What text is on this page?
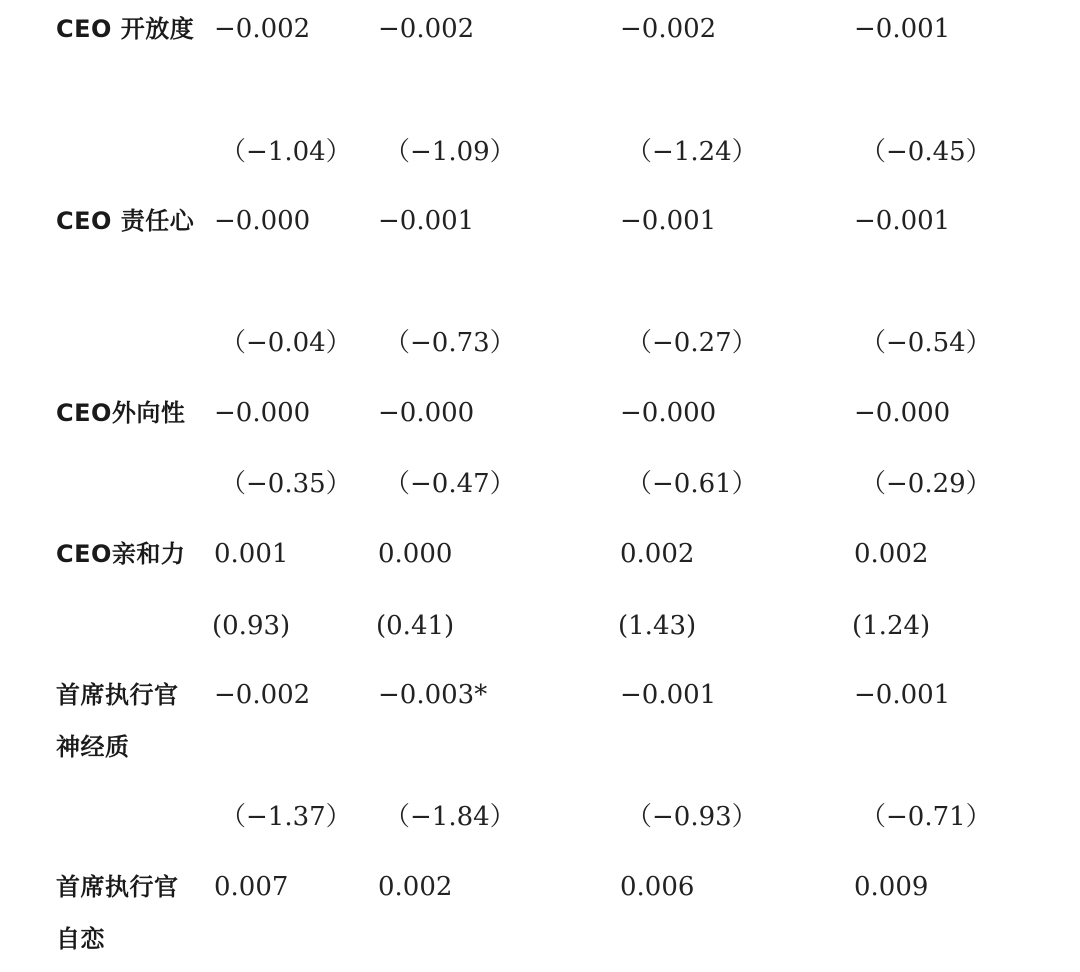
CEO 开放度 −0.002	−0.002	−0.002	−0.001
（−1.04） （−1.09）	（−1.24）	（−0.45）
CEO 责任心 −0.000	−0.001	−0.001	−0.001
（−0.04） （−0.73）	（−0.27）	（−0.54）
CEO外向性	−0.000	−0.000	−0.000	−0.000
（−0.35） （−0.47）	（−0.61）	（−0.29）
CEO亲和力	0.001	0.000	0.002	0.002
(0.93)	(0.41)	(1.43)	(1.24)
首席执行官神经质
−0.002	−0.003*	−0.001	−0.001
（−1.37） （−1.84）	（−0.93）	（−0.71）
首席执行官自恋
0.007	0.002	0.006	0.009
